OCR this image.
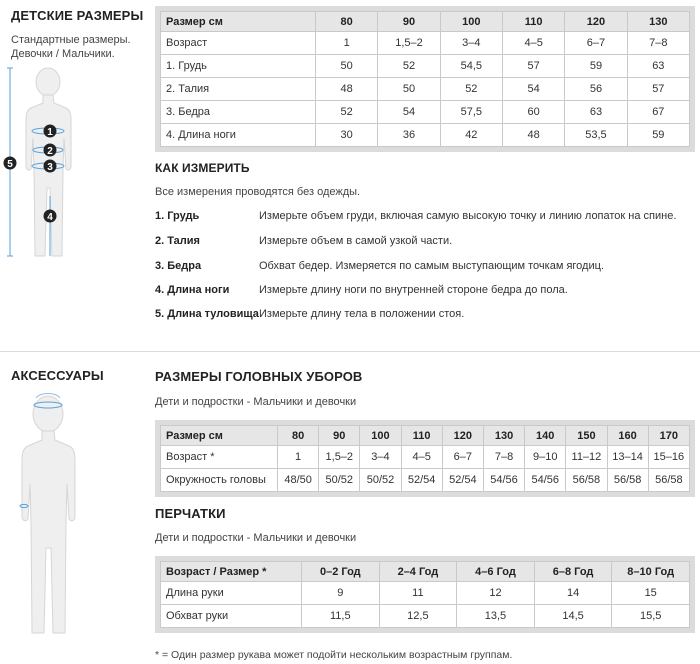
ДЕТСКИЕ РАЗМЕРЫ
Стандартные размеры.
Девочки / Мальчики.
1
2
3
4
5
Размер см	80	90	100	110	120	130
Возраст	1	1,5–2	3–4	4–5	6–7	7–8
1. Грудь	50	52	54,5	57	59	63
2. Талия	48	50	52	54	56	57
3. Бедра	52	54	57,5	60	63	67
4. Длина ноги	30	36	42	48	53,5	59
КАК ИЗМЕРИТЬ
Все измерения проводятся без одежды.
1. Грудь	Измерьте объем груди, включая самую высокую точку и линию лопаток на спине.
2. Талия	Измерьте объем в самой узкой части.
3. Бедра	Обхват бедер. Измеряется по самым выступающим точкам ягодиц.
4. Длина ноги	Измерьте длину ноги по внутренней стороне бедра до пола.
5. Длина туловища Измерьте длину тела в положении стоя.
АКСЕССУАРЫ	РАЗМЕРЫ ГОЛОВНЫХ УБОРОВ
Дети и подростки - Мальчики и девочки
Размер см	80	90	100	110	120	130	140	150	160	170
Возраст *	1	1,5–2	3–4	4–5	6–7	7–8	9–10	11–12	13–14	15–16
Окружность головы	48/50	50/52	50/52	52/54	52/54	54/56	54/56	56/58	56/58	56/58
ПЕРЧАТКИ
Дети и подростки - Мальчики и девочки
Возраст / Размер *	0–2 Год	2–4 Год	4–6 Год	6–8 Год	8–10 Год
Длина руки	9	11	12	14	15
Обхват руки	11,5	12,5	13,5	14,5	15,5
* = Один размер рукава может подойти нескольким возрастным группам.
